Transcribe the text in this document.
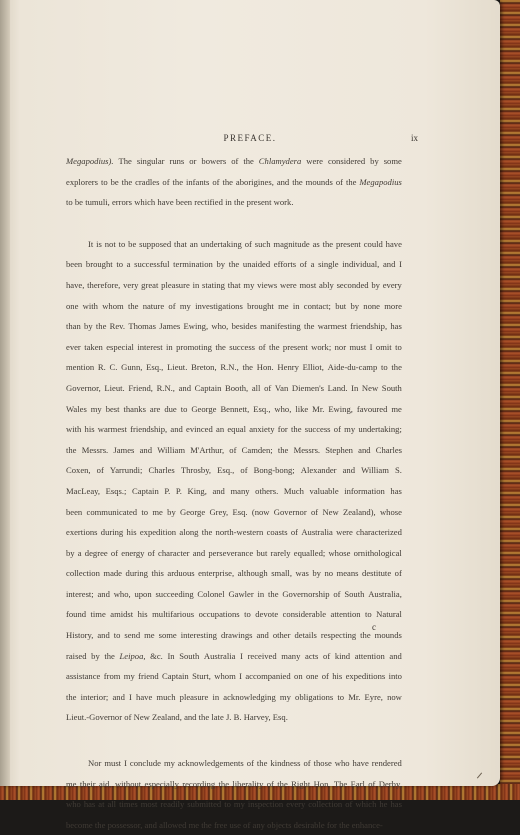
PREFACE.	ix
Megapodius). The singular runs or bowers of the Chlamydera were considered by some
explorers to be the cradles of the infants of the aborigines, and the mounds of the Megapodius
to be tumuli, errors which have been rectified in the present work.
It is not to be supposed that an undertaking of such magnitude as the present could have
been brought to a successful termination by the unaided efforts of a single individual, and I
have, therefore, very great pleasure in stating that my views were most ably seconded by every
one with whom the nature of my investigations brought me in contact; but by none more
than by the Rev. Thomas James Ewing, who, besides manifesting the warmest friendship, has
ever taken especial interest in promoting the success of the present work; nor must I omit to
mention R. C. Gunn, Esq., Lieut. Breton, R.N., the Hon. Henry Elliot, Aide-du-camp to the
Governor, Lieut. Friend, R.N., and Captain Booth, all of Van Diemen's Land. In New South
Wales my best thanks are due to George Bennett, Esq., who, like Mr. Ewing, favoured me
with his warmest friendship, and evinced an equal anxiety for the success of my undertaking;
the Messrs. James and William M'Arthur, of Camden; the Messrs. Stephen and Charles
Coxen, of Yarrundi; Charles Throsby, Esq., of Bong-bong; Alexander and William S.
MacLeay, Esqs.; Captain P. P. King, and many others. Much valuable information has
been communicated to me by George Grey, Esq. (now Governor of New Zealand), whose
exertions during his expedition along the north-western coasts of Australia were characterized
by a degree of energy of character and perseverance but rarely equalled; whose ornithological
collection made during this arduous enterprise, although small, was by no means destitute of
interest; and who, upon succeeding Colonel Gawler in the Governorship of South Australia,
found time amidst his multifarious occupations to devote considerable attention to Natural
History, and to send me some interesting drawings and other details respecting the mounds
raised by the Leipoa, &c. In South Australia I received many acts of kind attention and
assistance from my friend Captain Sturt, whom I accompanied on one of his expeditions into
the interior; and I have much pleasure in acknowledging my obligations to Mr. Eyre, now
Lieut.-Governor of New Zealand, and the late J. B. Harvey, Esq.
Nor must I conclude my acknowledgements of the kindness of those who have rendered
me their aid, without especially recording the liberality of the Right Hon. The Earl of Derby,
who has at all times most readily submitted to my inspection every collection of which he has
become the possessor, and allowed me the free use of any objects desirable for the enhance-
c
